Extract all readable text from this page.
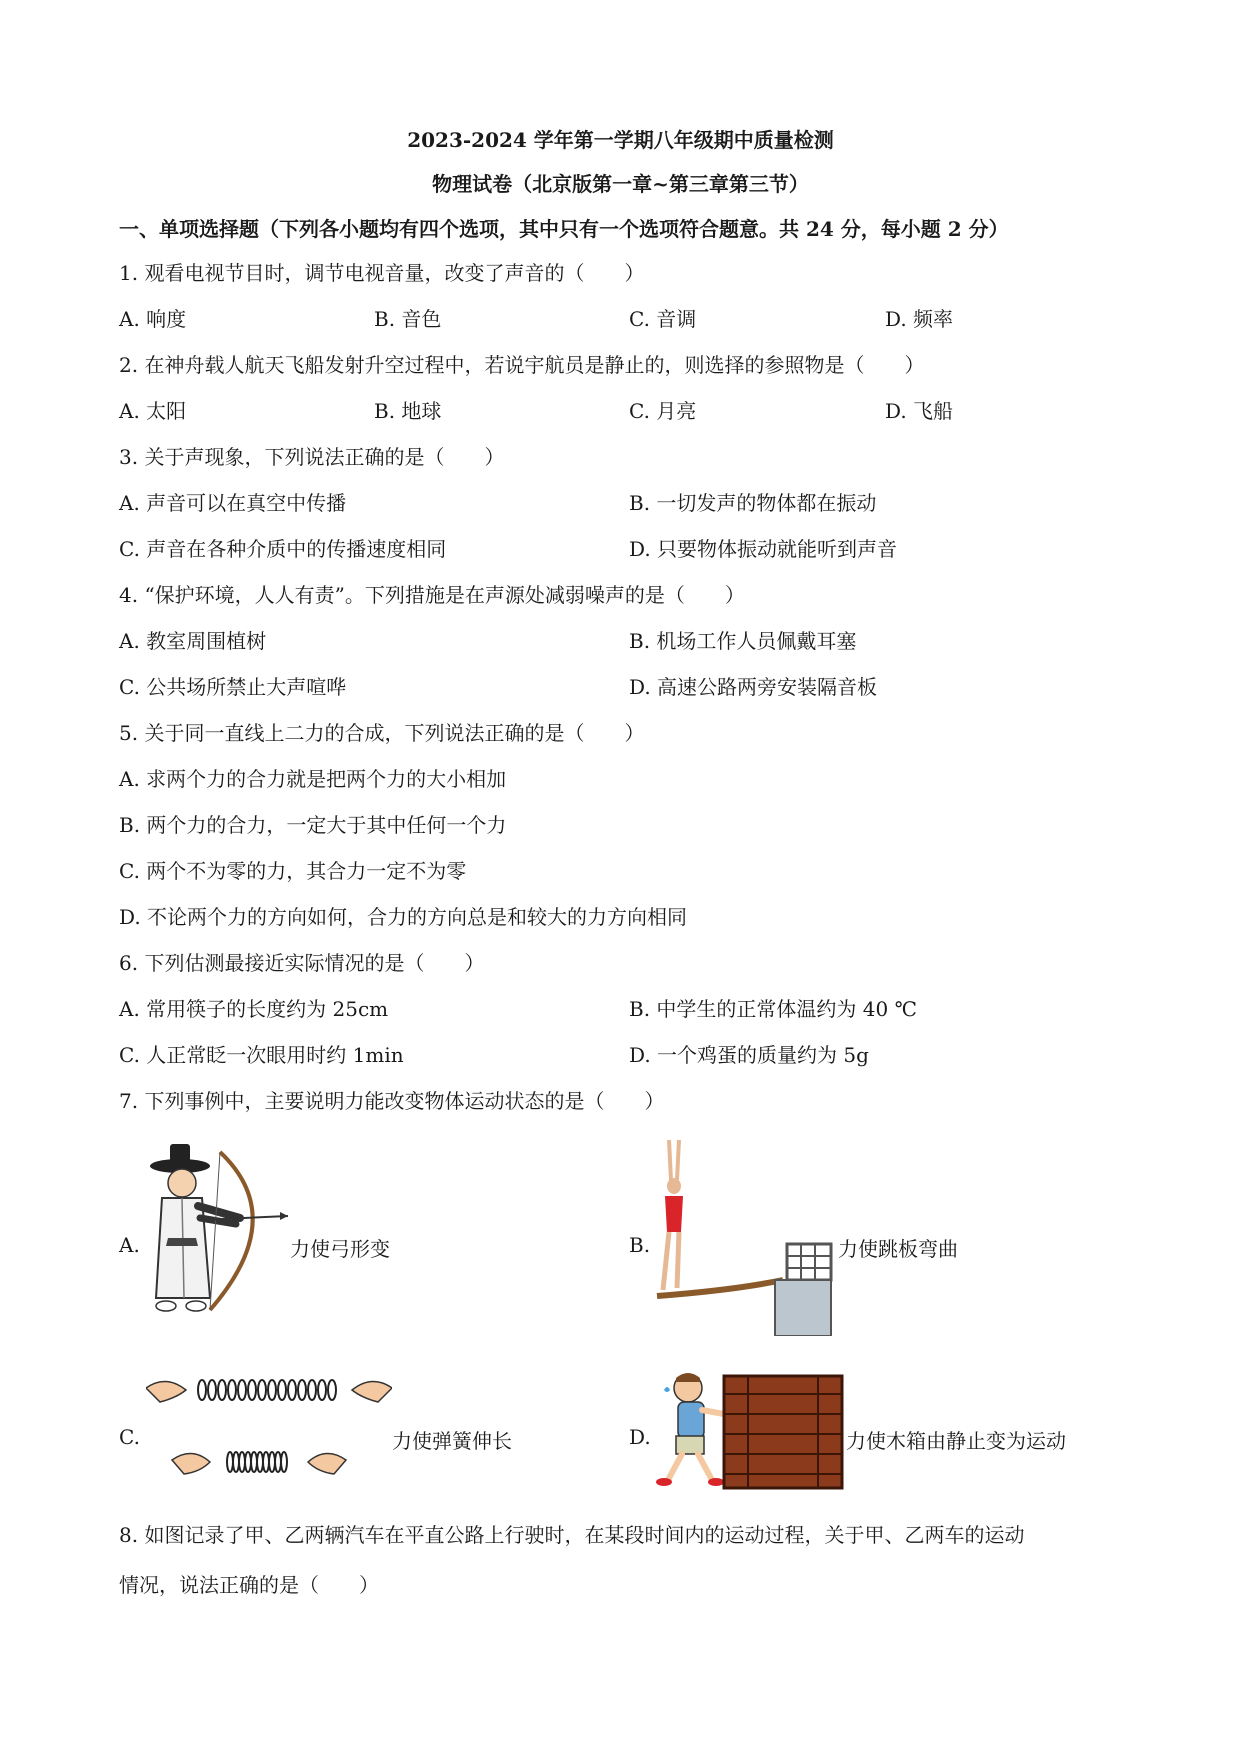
2023-2024 学年第一学期八年级期中质量检测
物理试卷（北京版第一章~第三章第三节）
一、单项选择题（下列各小题均有四个选项，其中只有一个选项符合题意。共 24 分，每小题 2 分）
1. 观看电视节目时，调节电视音量，改变了声音的（　　）
A. 响度	B. 音色	C. 音调	D. 频率
2. 在神舟载人航天飞船发射升空过程中，若说宇航员是静止的，则选择的参照物是（　　）
A. 太阳	B. 地球	C. 月亮	D. 飞船
3. 关于声现象，下列说法正确的是（　　）
A. 声音可以在真空中传播	B. 一切发声的物体都在振动
C. 声音在各种介质中的传播速度相同	D. 只要物体振动就能听到声音
4. “保护环境，人人有责”。下列措施是在声源处减弱噪声的是（　　）
A. 教室周围植树	B. 机场工作人员佩戴耳塞
C. 公共场所禁止大声喧哗	D. 高速公路两旁安装隔音板
5. 关于同一直线上二力的合成，下列说法正确的是（　　）
A. 求两个力的合力就是把两个力的大小相加
B. 两个力的合力，一定大于其中任何一个力
C. 两个不为零的力，其合力一定不为零
D. 不论两个力的方向如何，合力的方向总是和较大的力方向相同
6. 下列估测最接近实际情况的是（　　）
A. 常用筷子的长度约为 25cm	B. 中学生的正常体温约为 40 ℃
C. 人正常眨一次眼用时约 1min	D. 一个鸡蛋的质量约为 5g
7. 下列事例中，主要说明力能改变物体运动状态的是（　　）
A.	力使弓形变	B.	力使跳板弯曲
C.	力使弹簧伸长	D.	力使木箱由静止变为运动
8. 如图记录了甲、乙两辆汽车在平直公路上行驶时，在某段时间内的运动过程，关于甲、乙两车的运动
情况，说法正确的是（　　）
